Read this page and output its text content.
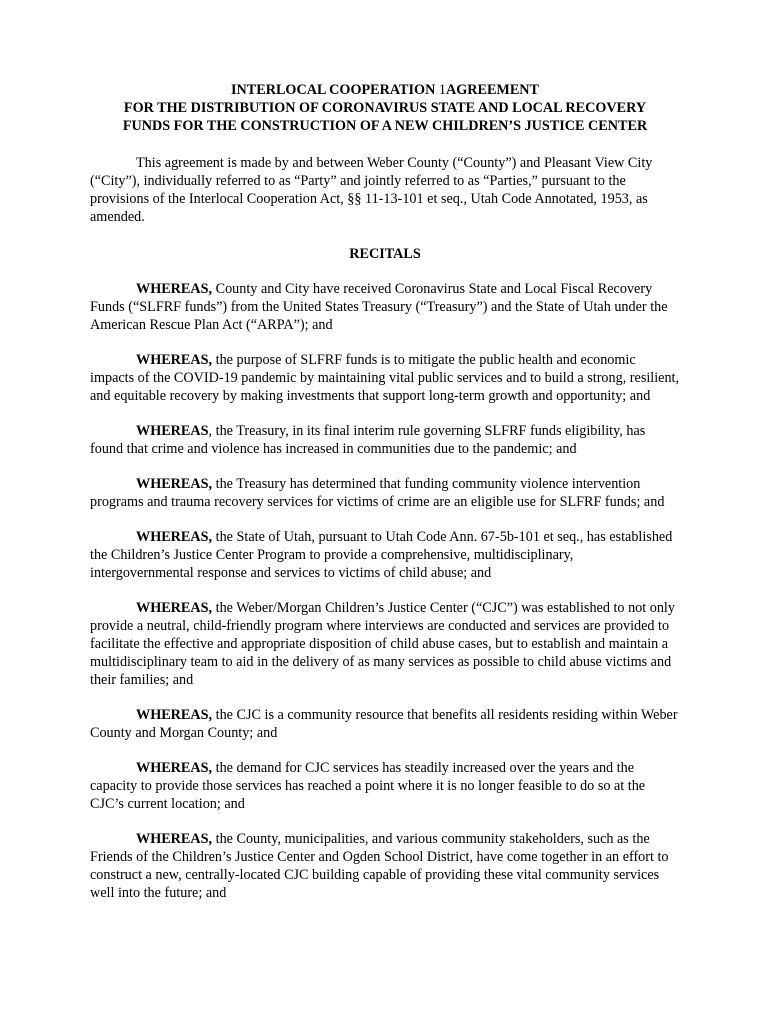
INTERLOCAL COOPERATION 1AGREEMENT
FOR THE DISTRIBUTION OF CORONAVIRUS STATE AND LOCAL RECOVERY
FUNDS FOR THE CONSTRUCTION OF A NEW CHILDREN’S JUSTICE CENTER

This agreement is made by and between Weber County (“County”) and Pleasant View City (“City”), individually referred to as “Party” and jointly referred to as “Parties,” pursuant to the provisions of the Interlocal Cooperation Act, §§ 11-13-101 et seq., Utah Code Annotated, 1953, as amended.

RECITALS

WHEREAS, County and City have received Coronavirus State and Local Fiscal Recovery Funds (“SLFRF funds”) from the United States Treasury (“Treasury”) and the State of Utah under the American Rescue Plan Act (“ARPA”); and

WHEREAS, the purpose of SLFRF funds is to mitigate the public health and economic impacts of the COVID-19 pandemic by maintaining vital public services and to build a strong, resilient, and equitable recovery by making investments that support long-term growth and opportunity; and

WHEREAS, the Treasury, in its final interim rule governing SLFRF funds eligibility, has found that crime and violence has increased in communities due to the pandemic; and

WHEREAS, the Treasury has determined that funding community violence intervention programs and trauma recovery services for victims of crime are an eligible use for SLFRF funds; and

WHEREAS, the State of Utah, pursuant to Utah Code Ann. 67-5b-101 et seq., has established the Children’s Justice Center Program to provide a comprehensive, multidisciplinary, intergovernmental response and services to victims of child abuse; and

WHEREAS, the Weber/Morgan Children’s Justice Center (“CJC”) was established to not only provide a neutral, child-friendly program where interviews are conducted and services are provided to facilitate the effective and appropriate disposition of child abuse cases, but to establish and maintain a multidisciplinary team to aid in the delivery of as many services as possible to child abuse victims and their families; and

WHEREAS, the CJC is a community resource that benefits all residents residing within Weber County and Morgan County; and

WHEREAS, the demand for CJC services has steadily increased over the years and the capacity to provide those services has reached a point where it is no longer feasible to do so at the CJC’s current location; and

WHEREAS, the County, municipalities, and various community stakeholders, such as the Friends of the Children’s Justice Center and Ogden School District, have come together in an effort to construct a new, centrally-located CJC building capable of providing these vital community services well into the future; and
